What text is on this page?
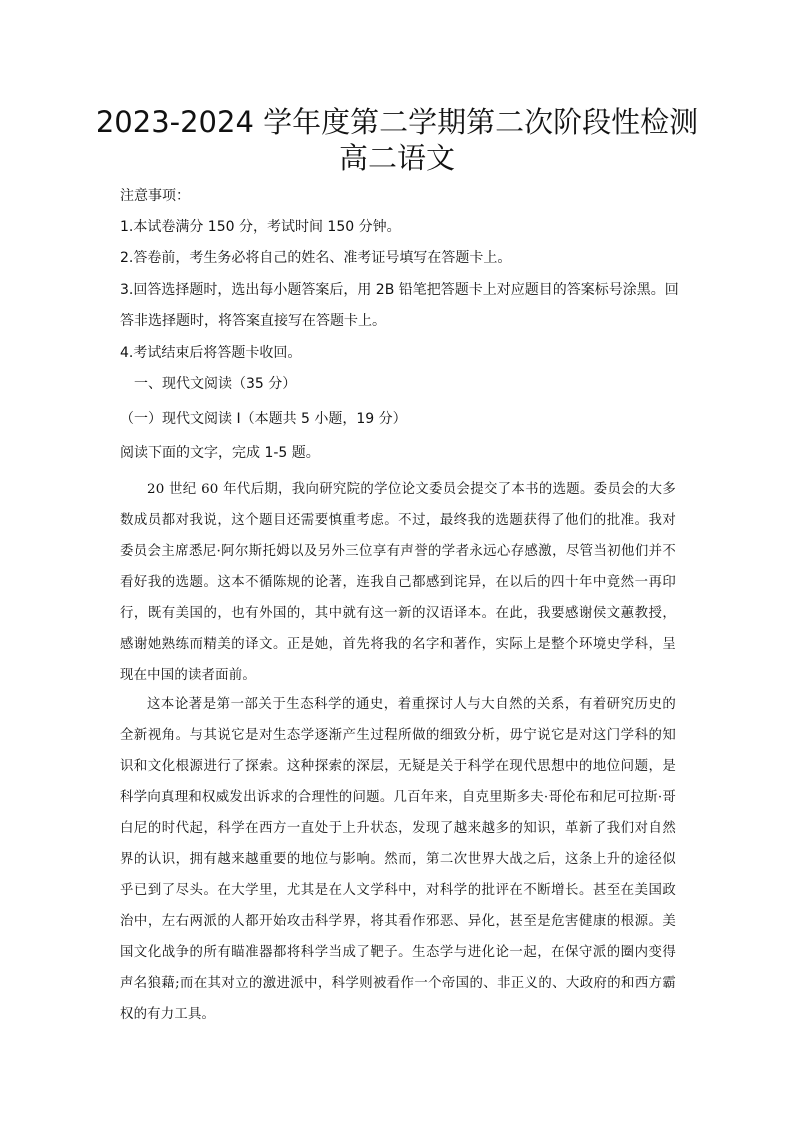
2023-2024 学年度第二学期第二次阶段性检测
高二语文
注意事项：
1.本试卷满分 150 分，考试时间 150 分钟。
2.答卷前，考生务必将自己的姓名、准考证号填写在答题卡上。
3.回答选择题时，选出每小题答案后，用 2B 铅笔把答题卡上对应题目的答案标号涂黑。回
答非选择题时，将答案直接写在答题卡上。
4.考试结束后将答题卡收回。
一、现代文阅读（35 分）
（一）现代文阅读 I（本题共 5 小题，19 分）
阅读下面的文字，完成 1-5 题。
20 世纪 60 年代后期，我向研究院的学位论文委员会提交了本书的选题。委员会的大多数成员都对我说，这个题目还需要慎重考虑。不过，最终我的选题获得了他们的批准。我对委员会主席悉尼·阿尔斯托姆以及另外三位享有声誉的学者永远心存感激，尽管当初他们并不看好我的选题。这本不循陈规的论著，连我自己都感到诧异，在以后的四十年中竟然一再印行，既有美国的，也有外国的，其中就有这一新的汉语译本。在此，我要感谢侯文蕙教授，感谢她熟练而精美的译文。正是她，首先将我的名字和著作，实际上是整个环境史学科，呈现在中国的读者面前。
这本论著是第一部关于生态科学的通史，着重探讨人与大自然的关系，有着研究历史的全新视角。与其说它是对生态学逐渐产生过程所做的细致分析，毋宁说它是对这门学科的知识和文化根源进行了探索。这种探索的深层，无疑是关于科学在现代思想中的地位问题，是科学向真理和权威发出诉求的合理性的问题。几百年来，自克里斯多夫·哥伦布和尼可拉斯·哥白尼的时代起，科学在西方一直处于上升状态，发现了越来越多的知识，革新了我们对自然界的认识，拥有越来越重要的地位与影响。然而，第二次世界大战之后，这条上升的途径似乎已到了尽头。在大学里，尤其是在人文学科中，对科学的批评在不断增长。甚至在美国政治中，左右两派的人都开始攻击科学界，将其看作邪恶、异化，甚至是危害健康的根源。美国文化战争的所有瞄准器都将科学当成了靶子。生态学与进化论一起，在保守派的圈内变得声名狼藉;而在其对立的激进派中，科学则被看作一个帝国的、非正义的、大政府的和西方霸权的有力工具。
